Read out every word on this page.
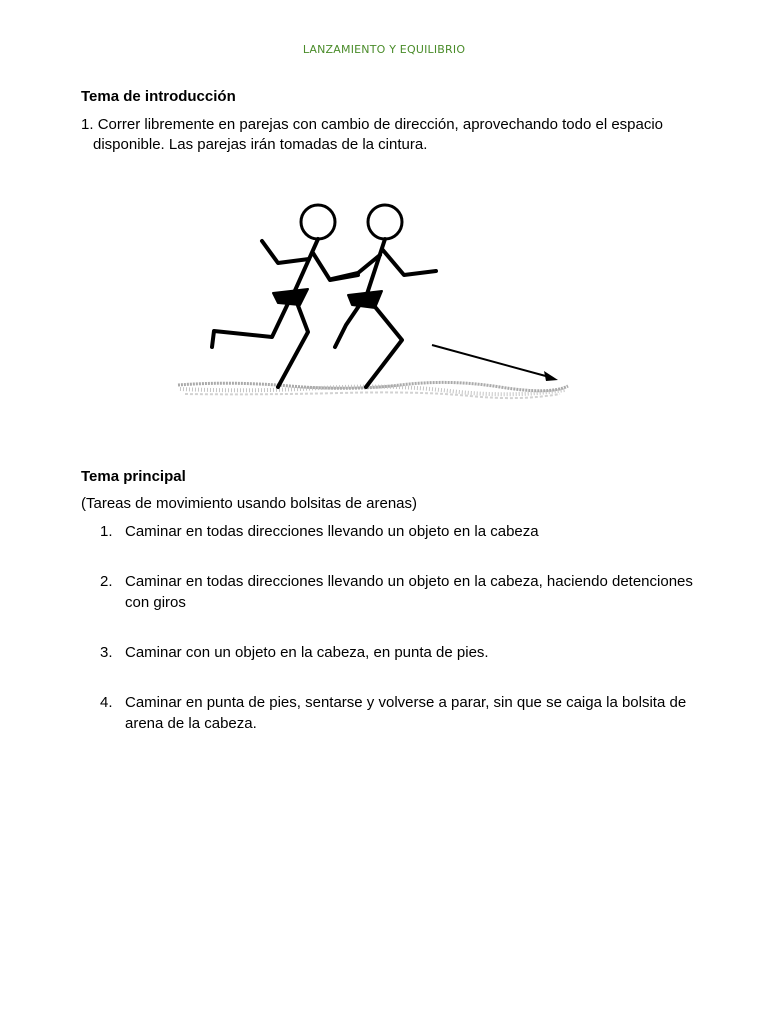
LANZAMIENTO Y EQUILIBRIO
Tema de introducción
1. Correr libremente en parejas con cambio de dirección, aprovechando todo el espacio
disponible. Las parejas irán tomadas de la cintura.
Tema principal
(Tareas de movimiento usando bolsitas de arenas)
1. Caminar en todas direcciones llevando un objeto en la cabeza
2. Caminar en todas direcciones llevando un objeto en la cabeza, haciendo detenciones con giros
3. Caminar con un objeto en la cabeza, en punta de pies.
4. Caminar en punta de pies, sentarse y volverse a parar, sin que se caiga la bolsita de arena de la cabeza.
